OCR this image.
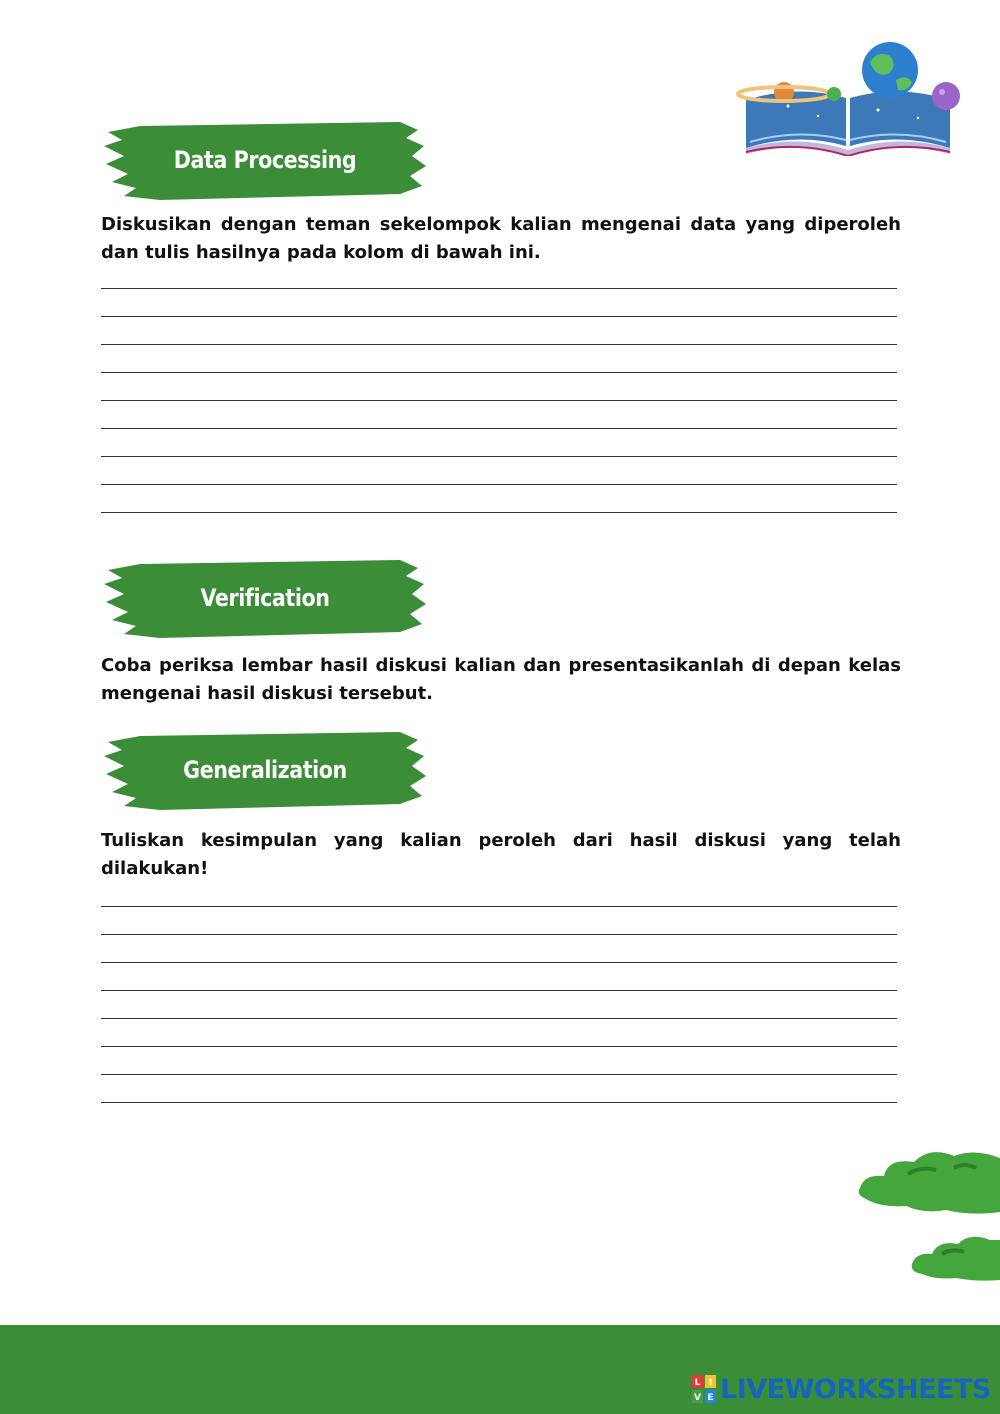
Data Processing
Diskusikan dengan teman sekelompok kalian mengenai data yang diperoleh dan tulis hasilnya pada kolom di bawah ini.
Verification
Coba periksa lembar hasil diskusi kalian dan presentasikanlah di depan kelas mengenai hasil diskusi tersebut.
Generalization
Tuliskan kesimpulan yang kalian peroleh dari hasil diskusi yang telah dilakukan!
L I
V E LIVEWORKSHEETS
